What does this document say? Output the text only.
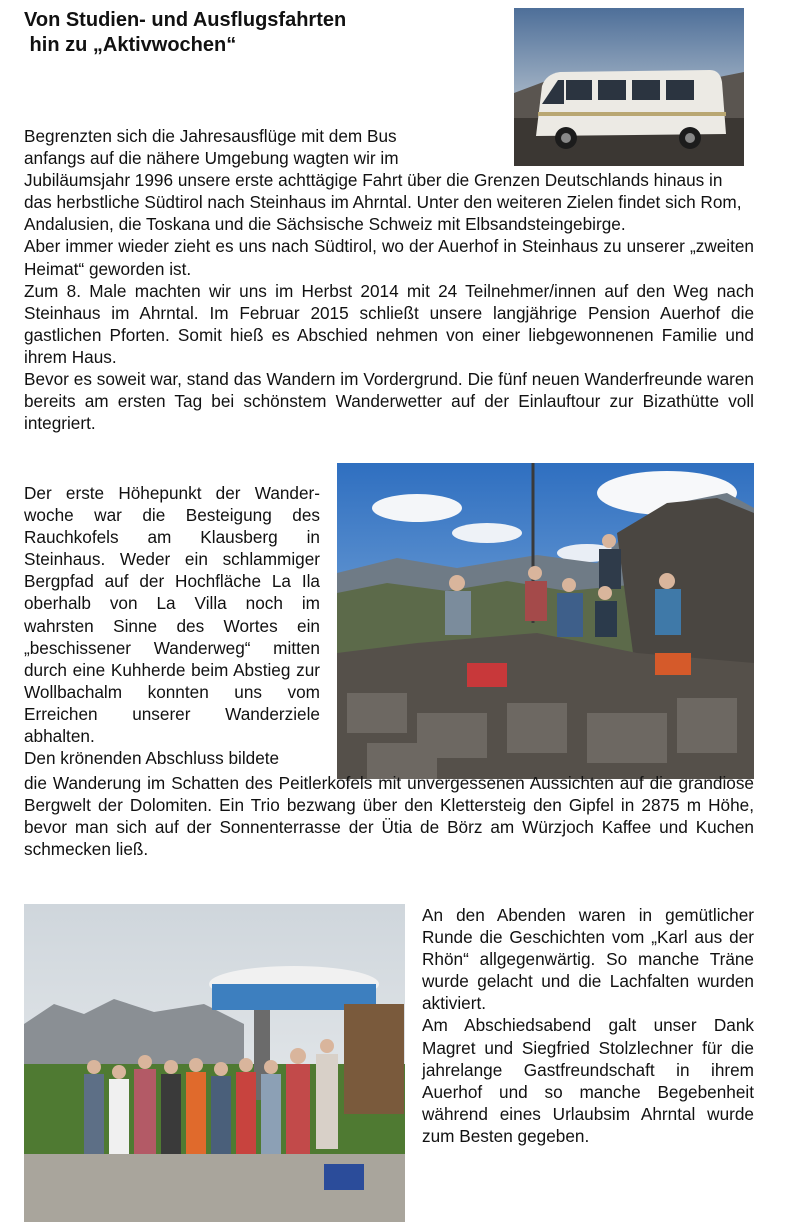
Von Studien- und Ausflugsfahrten
hin zu „Aktivwochen“
Begrenzten sich die Jahresausflüge mit dem Bus
anfangs auf die nähere Umgebung wagten wir im

Jubiläumsjahr 1996 unsere erste achttägige Fahrt über die Grenzen Deutschlands hinaus in das herbstliche Südtirol nach Steinhaus im Ahrntal. Unter den weiteren Zielen findet sich Rom, Andalusien, die Toskana und die Sächsische Schweiz mit Elbsandsteingebirge.

Aber immer wieder zieht es uns nach Südtirol, wo der Auerhof in Steinhaus zu unserer „zweiten Heimat“ geworden ist.

Zum 8. Male machten wir uns im Herbst 2014 mit 24 Teilnehmer/innen auf den Weg nach Steinhaus im Ahrntal. Im Februar 2015 schließt unsere langjährige Pension Auerhof die gastlichen Pforten. Somit hieß es Abschied nehmen von einer liebgewonnenen Familie und ihrem Haus.

Bevor es soweit war, stand das Wandern im Vordergrund. Die fünf neuen Wanderfreunde waren bereits am ersten Tag bei schönstem Wanderwetter auf der Einlauftour zur Bizathütte voll integriert.

Der erste Höhepunkt der Wander-woche war die Besteigung des Rauchkofels am Klausberg in Steinhaus. Weder ein schlammiger Bergpfad auf der Hochfläche La Ila oberhalb von La Villa noch im wahrsten Sinne des Wortes ein „beschissener Wanderweg“ mitten durch eine Kuhherde beim Abstieg zur Wollbachalm konnten uns vom Erreichen unserer Wanderziele abhalten.

Den krönenden Abschluss bildete

die Wanderung im Schatten des Peitlerkofels mit unvergessenen Aussichten auf die grandiose Bergwelt der Dolomiten. Ein Trio bezwang über den Klettersteig den Gipfel in 2875 m Höhe, bevor man sich auf der Sonnenterrasse der Ütia de Börz am Würzjoch Kaffee und Kuchen schmecken ließ.

An den Abenden waren in gemütlicher Runde die Geschichten vom „Karl aus der Rhön“ allgegenwärtig. So manche Träne wurde gelacht und die Lachfalten wurden aktiviert.

Am Abschiedsabend galt unser Dank Magret und Siegfried Stolzlechner für die jahrelange Gastfreundschaft in ihrem Auerhof und so manche Begebenheit während eines Urlaubsim Ahrntal wurde zum Besten gegeben.
